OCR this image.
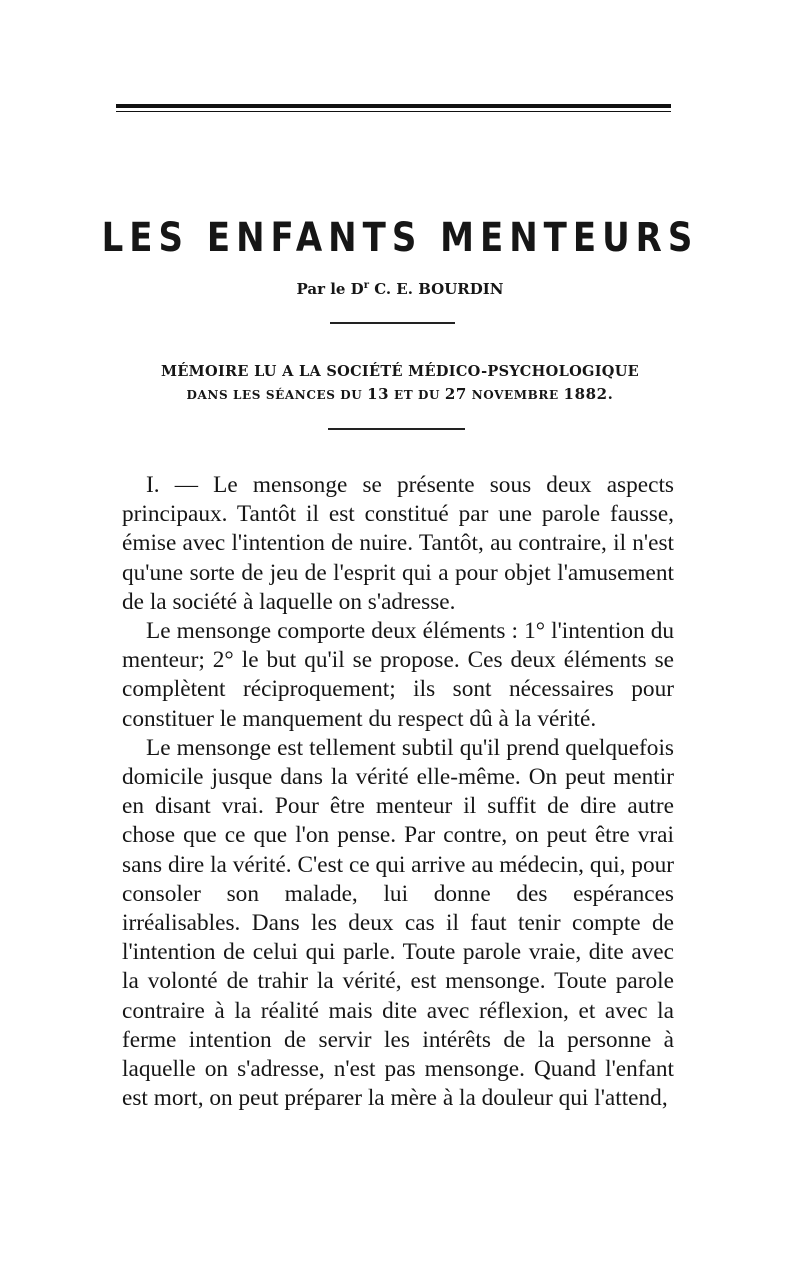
LES ENFANTS MENTEURS

Par le $D^r$ C. E. BOURDIN

MÉMOIRE LU A LA SOCIÉTÉ MÉDICO-PSYCHOLOGIQUE

DANS LES SÉANCES DU 13 ET DU 27 NOVEMBRE 1882.

I. — Le mensonge se présente sous deux aspects principaux. Tantôt il est constitué par une parole fausse, émise avec l'intention de nuire. Tantôt, au contraire, il n'est qu'une sorte de jeu de l'esprit qui a pour objet l'amusement de la société à laquelle on s'adresse.

Le mensonge comporte deux éléments : 1° l'intention du menteur; 2° le but qu'il se propose. Ces deux éléments se complètent réciproquement; ils sont nécessaires pour constituer le manquement du respect dû à la vérité.

Le mensonge est tellement subtil qu'il prend quelquefois domicile jusque dans la vérité elle-même. On peut mentir en disant vrai. Pour être menteur il suffit de dire autre chose que ce que l'on pense. Par contre, on peut être vrai sans dire la vérité. C'est ce qui arrive au médecin, qui, pour consoler son malade, lui donne des espérances irréalisables. Dans les deux cas il faut tenir compte de l'intention de celui qui parle. Toute parole vraie, dite avec la volonté de trahir la vérité, est mensonge. Toute parole contraire à la réalité mais dite avec réflexion, et avec la ferme intention de servir les intérêts de la personne à laquelle on s'adresse, n'est pas mensonge. Quand l'enfant est mort, on peut préparer la mère à la douleur qui l'attend,
